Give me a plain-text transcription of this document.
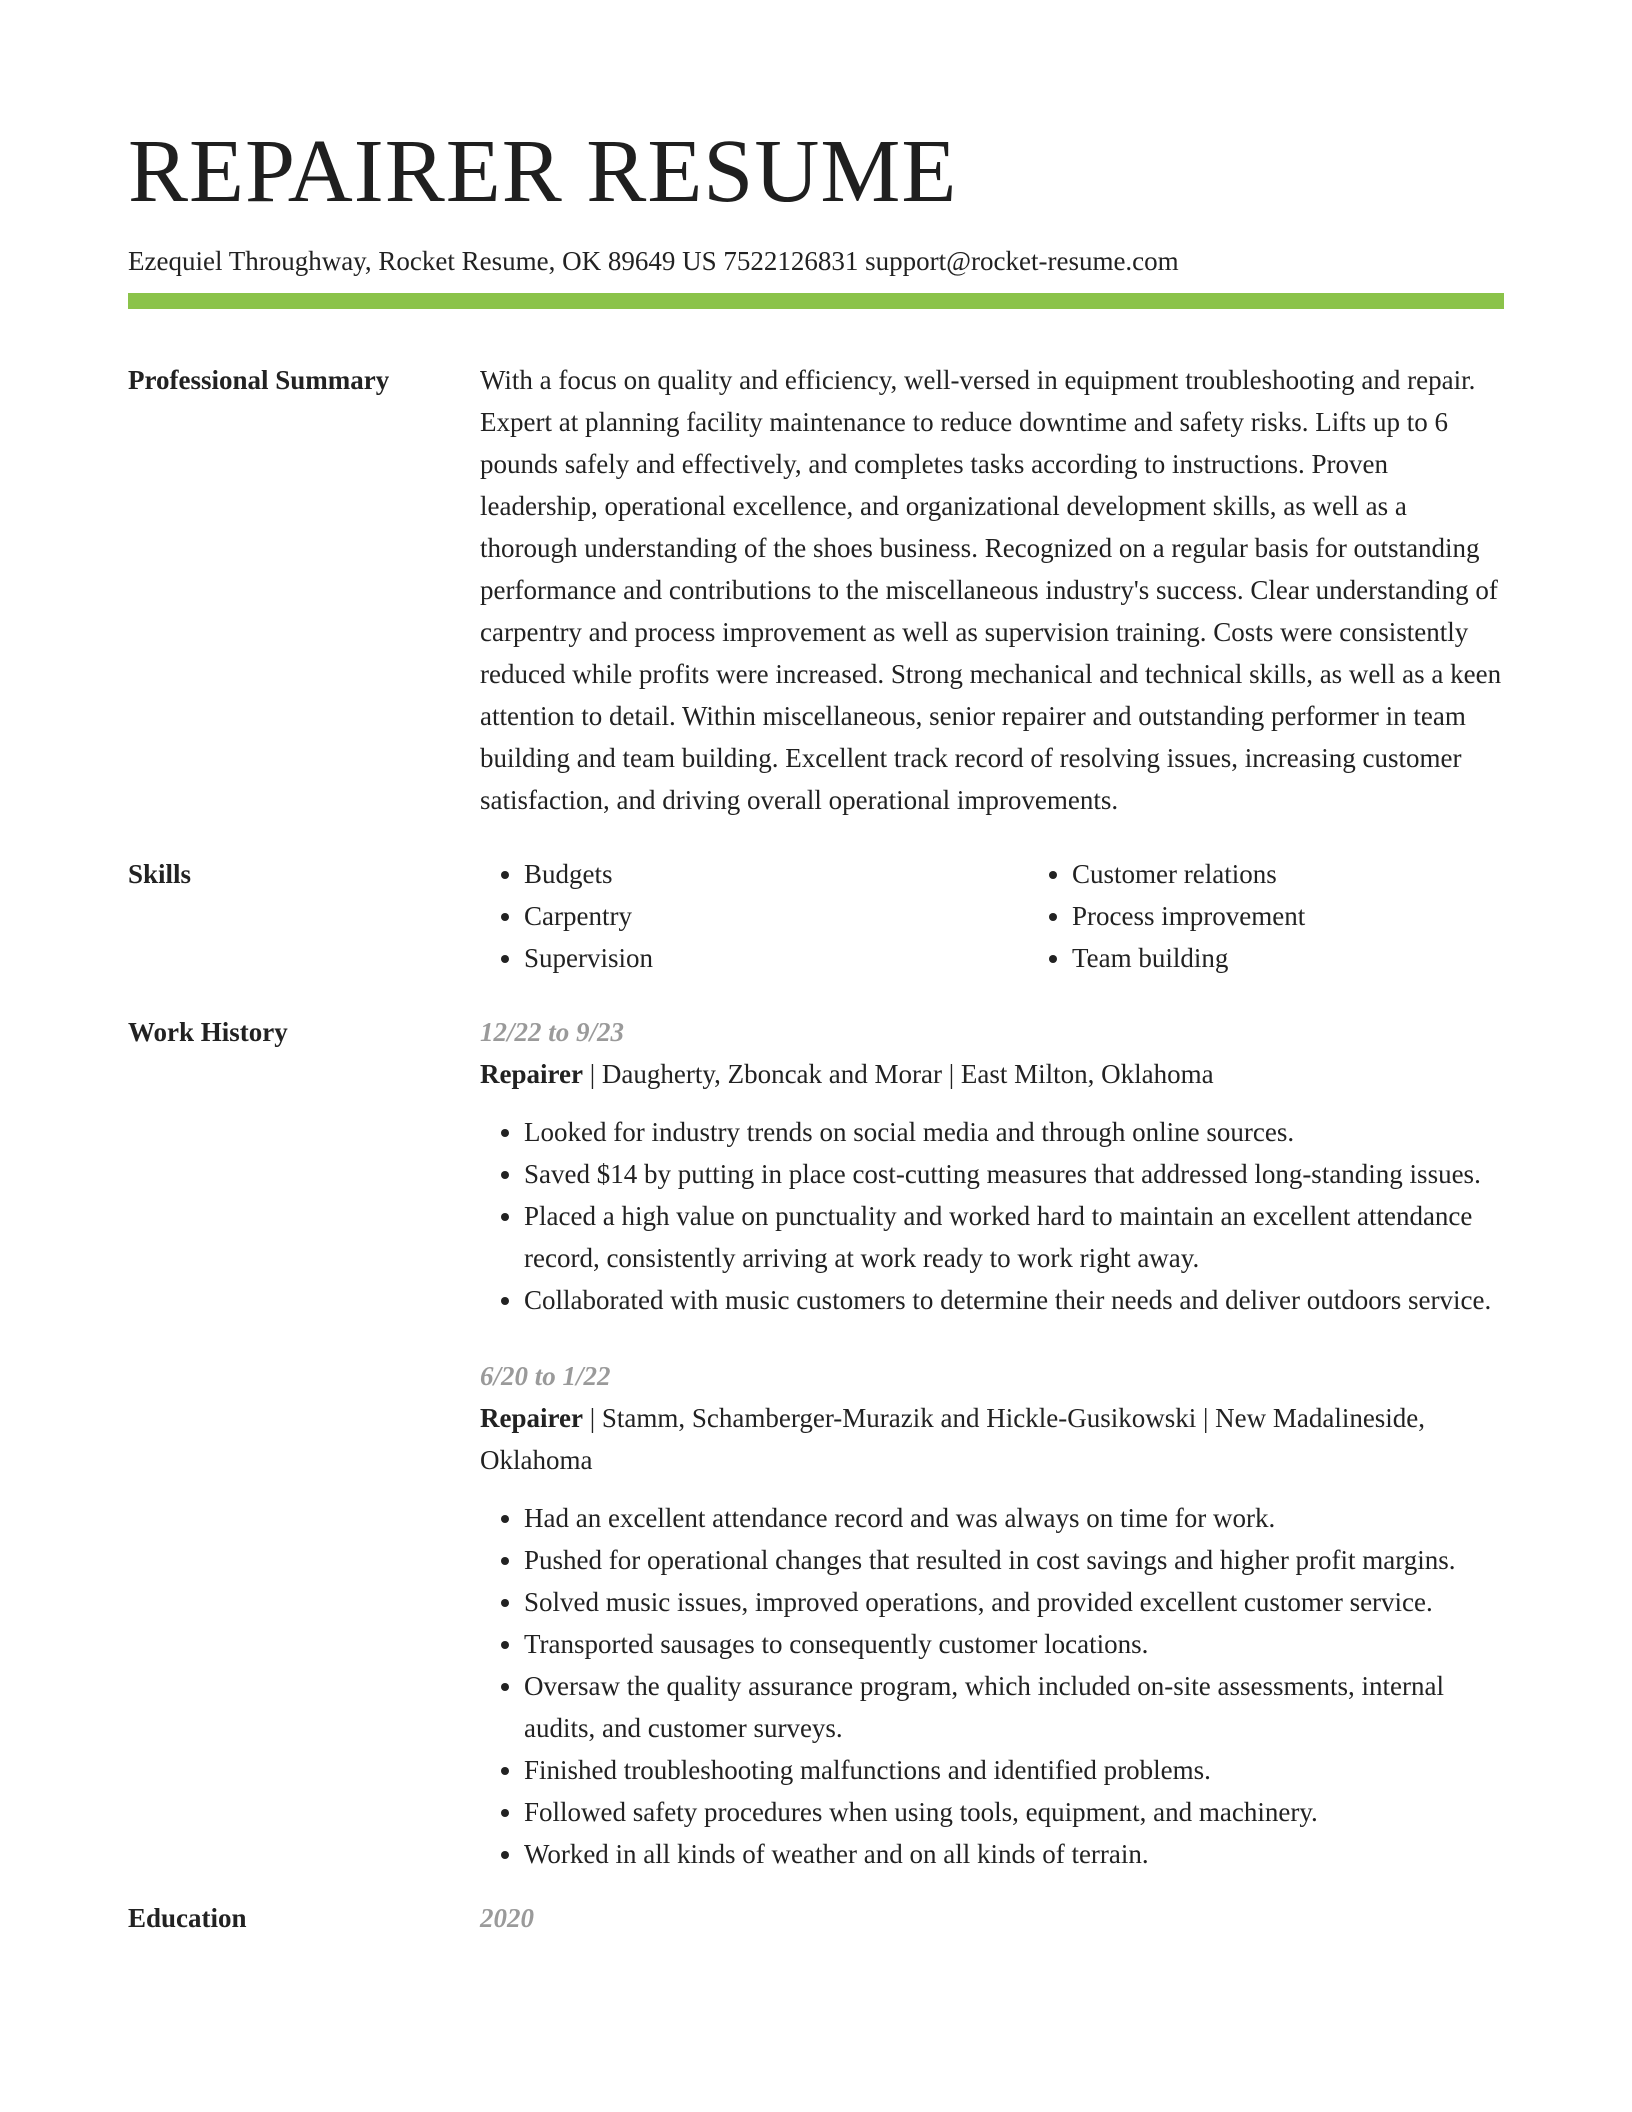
REPAIRER RESUME
Ezequiel Throughway, Rocket Resume, OK 89649 US 7522126831 support@rocket-resume.com
Professional Summary	With a focus on quality and efficiency, well-versed in equipment troubleshooting and repair. Expert at planning facility maintenance to reduce downtime and safety risks. Lifts up to 6 pounds safely and effectively, and completes tasks according to instructions. Proven leadership, operational excellence, and organizational development skills, as well as a thorough understanding of the shoes business. Recognized on a regular basis for outstanding performance and contributions to the miscellaneous industry's success. Clear understanding of carpentry and process improvement as well as supervision training. Costs were consistently reduced while profits were increased. Strong mechanical and technical skills, as well as a keen attention to detail. Within miscellaneous, senior repairer and outstanding performer in team building and team building. Excellent track record of resolving issues, increasing customer satisfaction, and driving overall operational improvements.
Skills
•	Budgets
• Carpentry
• Supervision
• Customer relations
• Process improvement
• Team building
Work History	12/22 to 9/23
Repairer | Daugherty, Zboncak and Morar | East Milton, Oklahoma
• Looked for industry trends on social media and through online sources.
• Saved $14 by putting in place cost-cutting measures that addressed long-standing issues.
• Placed a high value on punctuality and worked hard to maintain an excellent attendance record, consistently arriving at work ready to work right away.
• Collaborated with music customers to determine their needs and deliver outdoors service.
6/20 to 1/22
Repairer | Stamm, Schamberger-Murazik and Hickle-Gusikowski | New Madalineside, Oklahoma
• Had an excellent attendance record and was always on time for work.
• Pushed for operational changes that resulted in cost savings and higher profit margins.
• Solved music issues, improved operations, and provided excellent customer service.
• Transported sausages to consequently customer locations.
• Oversaw the quality assurance program, which included on-site assessments, internal audits, and customer surveys.
• Finished troubleshooting malfunctions and identified problems.
• Followed safety procedures when using tools, equipment, and machinery.
• Worked in all kinds of weather and on all kinds of terrain.
Education	2020
